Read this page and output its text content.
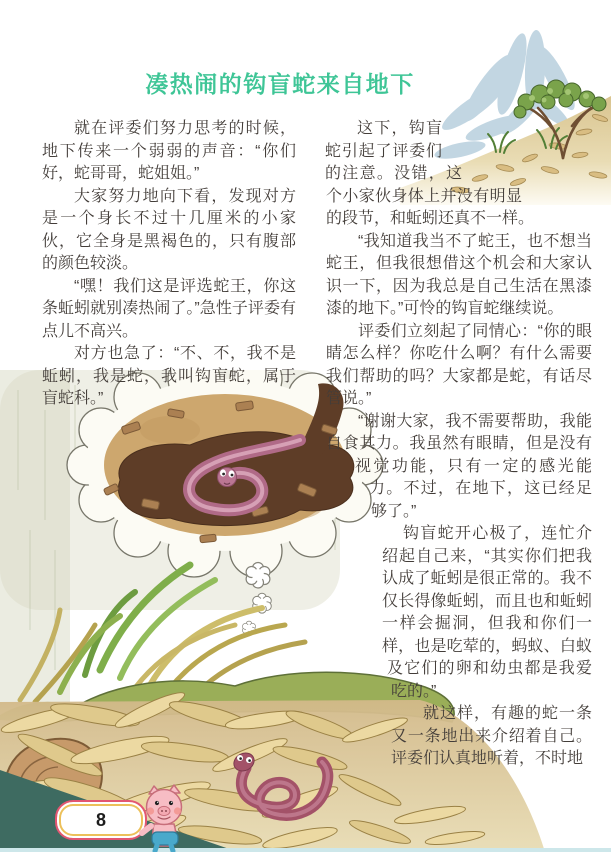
凑热闹的钩盲蛇来自地下

就在评委们努力思考的时候，地下传来一个弱弱的声音：“你们好，蛇哥哥，蛇姐姐。”

大家努力地向下看，发现对方是一个身长不过十几厘米的小家伙，它全身是黑褐色的，只有腹部的颜色较淡。

“嘿！我们这是评选蛇王，你这条蚯蚓就别凑热闹了。”急性子评委有点儿不高兴。

对方也急了：“不、不，我不是蚯蚓，我是蛇，我叫钩盲蛇，属于盲蛇科。”

这下，钩盲蛇引起了评委们的注意。没错，这个小家伙身体上并没有明显的段节，和蚯蚓还真不一样。

“我知道我当不了蛇王，也不想当蛇王，但我很想借这个机会和大家认识一下，因为我总是自己生活在黑漆漆的地下。”可怜的钩盲蛇继续说。

评委们立刻起了同情心：“你的眼睛怎么样？你吃什么啊？有什么需要我们帮助的吗？大家都是蛇，有话尽管说。”

“谢谢大家，我不需要帮助，我能自食其力。我虽然有眼睛，但是没有视觉功能，只有一定的感光能力。不过，在地下，这已经足够了。”

钩盲蛇开心极了，连忙介绍起自己来，“其实你们把我认成了蚯蚓是很正常的。我不仅长得像蚯蚓，而且也和蚯蚓一样会掘洞，但我和你们一样，也是吃荤的，蚂蚁、白蚁及它们的卵和幼虫都是我爱吃的。”

就这样，有趣的蛇一条又一条地出来介绍着自己。评委们认真地听着，不时地

8
